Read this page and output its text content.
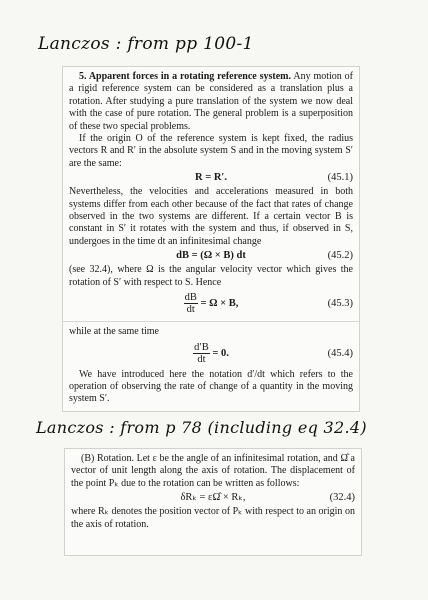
Lanczos : from pp 100-1

5. Apparent forces in a rotating reference system. Any motion of a rigid reference system can be considered as a translation plus a rotation. After studying a pure translation of the system we now deal with the case of pure rotation. The general problem is a superposition of these two special problems.

If the origin O of the reference system is kept fixed, the radius vectors R and R′ in the absolute system S and in the moving system S′ are the same:

R = R′.	(45.1)

Nevertheless, the velocities and accelerations measured in both systems differ from each other because of the fact that rates of change observed in the two systems are different. If a certain vector B is constant in S′ it rotates with the system and thus, if observed in S, undergoes in the time dt an infinitesimal change

dB = (Ω × B) dt	(45.2)

(see 32.4), where Ω is the angular velocity vector which gives the rotation of S′ with respect to S. Hence

$\frac{dB}{dt} = \Omega \times B$,	(45.3)

while at the same time

$\frac{d'B}{dt} = 0$.	(45.4)

We have introduced here the notation d′/dt which refers to the operation of observing the rate of change of a quantity in the moving system S′.

Lanczos : from p 78 (including eq 32.4)

(B) Rotation. Let ε be the angle of an infinitesimal rotation, and Ω̂ a vector of unit length along the axis of rotation. The displacement of the point Pₖ due to the rotation can be written as follows:

δRₖ = εΩ̂ × Rₖ,	(32.4)

where Rₖ denotes the position vector of Pₖ with respect to an origin on the axis of rotation.
